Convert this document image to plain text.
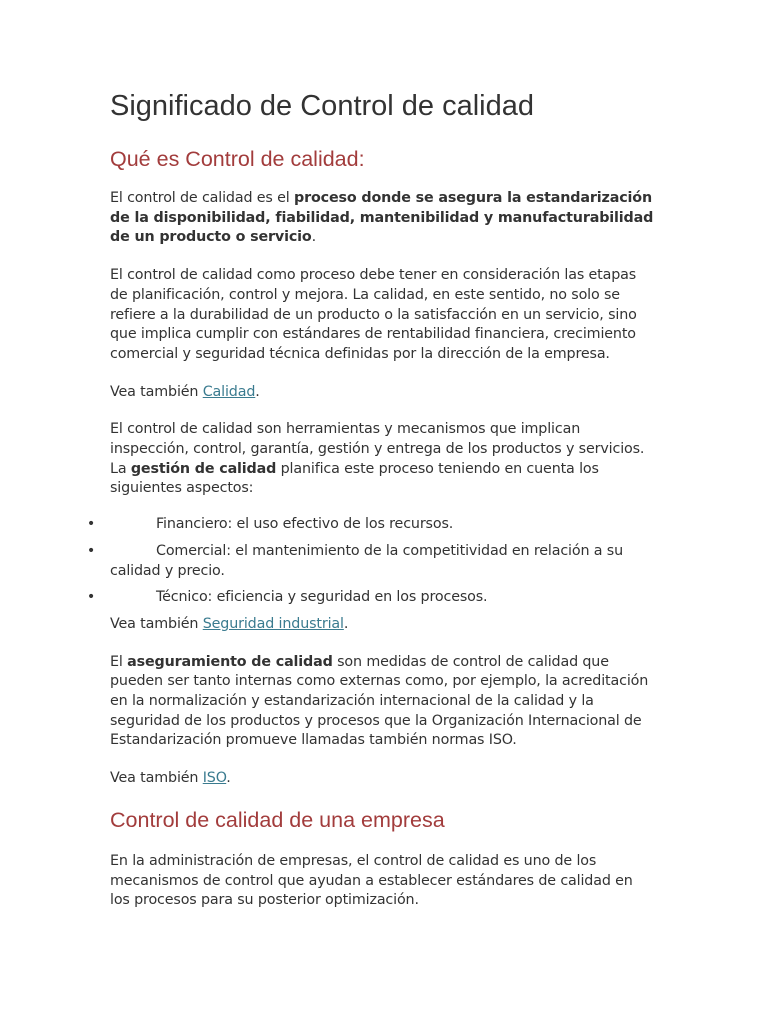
Significado de Control de calidad
Qué es Control de calidad:

El control de calidad es el proceso donde se asegura la estandarización de la disponibilidad, fiabilidad, mantenibilidad y manufacturabilidad de un producto o servicio.

El control de calidad como proceso debe tener en consideración las etapas de planificación, control y mejora. La calidad, en este sentido, no solo se refiere a la durabilidad de un producto o la satisfacción en un servicio, sino que implica cumplir con estándares de rentabilidad financiera, crecimiento comercial y seguridad técnica definidas por la dirección de la empresa.

Vea también Calidad.

El control de calidad son herramientas y mecanismos que implican inspección, control, garantía, gestión y entrega de los productos y servicios. La gestión de calidad planifica este proceso teniendo en cuenta los siguientes aspectos:

•	Financiero: el uso efectivo de los recursos.
•	Comercial: el mantenimiento de la competitividad en relación a su calidad y precio.
•	Técnico: eficiencia y seguridad en los procesos.

Vea también Seguridad industrial.

El aseguramiento de calidad son medidas de control de calidad que pueden ser tanto internas como externas como, por ejemplo, la acreditación en la normalización y estandarización internacional de la calidad y la seguridad de los productos y procesos que la Organización Internacional de Estandarización promueve llamadas también normas ISO.

Vea también ISO.

Control de calidad de una empresa

En la administración de empresas, el control de calidad es uno de los mecanismos de control que ayudan a establecer estándares de calidad en los procesos para su posterior optimización.
